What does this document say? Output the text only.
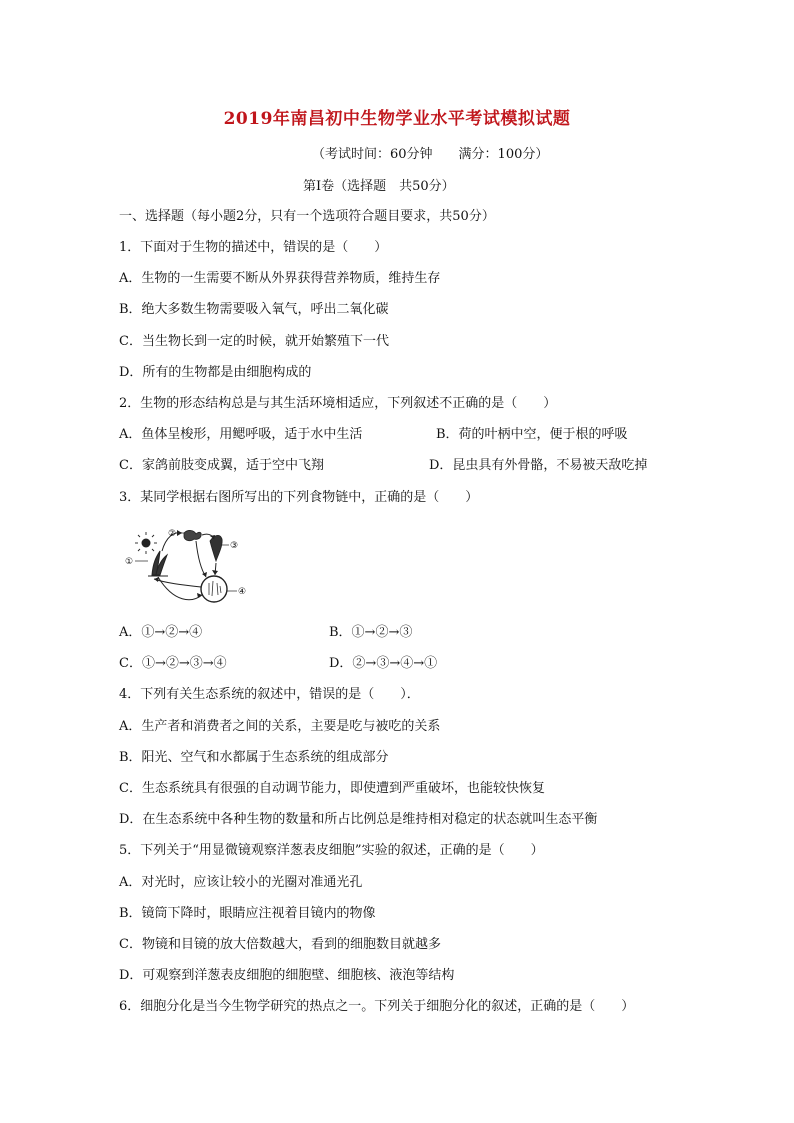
2019年南昌初中生物学业水平考试模拟试题
（考试时间：60分钟　　满分：100分）
第Ⅰ卷（选择题　共50分）
一、选择题（每小题2分，只有一个选项符合题目要求，共50分）
1．下面对于生物的描述中，错误的是（　　）
A．生物的一生需要不断从外界获得营养物质，维持生存
B．绝大多数生物需要吸入氧气，呼出二氧化碳
C．当生物长到一定的时候，就开始繁殖下一代
D．所有的生物都是由细胞构成的
2．生物的形态结构总是与其生活环境相适应，下列叙述不正确的是（　　）
A．鱼体呈梭形，用鳃呼吸，适于水中生活	B．荷的叶柄中空，便于根的呼吸
C．家鸽前肢变成翼，适于空中飞翔	D．昆虫具有外骨骼，不易被天敌吃掉
3．某同学根据右图所写出的下列食物链中，正确的是（　　）
①
②
③
④
A．①→②→④	B．①→②→③
C．①→②→③→④	D．②→③→④→①
4．下列有关生态系统的叙述中，错误的是（　　）．
A．生产者和消费者之间的关系，主要是吃与被吃的关系
B．阳光、空气和水都属于生态系统的组成部分
C．生态系统具有很强的自动调节能力，即使遭到严重破坏，也能较快恢复
D．在生态系统中各种生物的数量和所占比例总是维持相对稳定的状态就叫生态平衡
5．下列关于“用显微镜观察洋葱表皮细胞”实验的叙述，正确的是（　　）
A．对光时，应该让较小的光圈对准通光孔
B．镜筒下降时，眼睛应注视着目镜内的物像
C．物镜和目镜的放大倍数越大，看到的细胞数目就越多
D．可观察到洋葱表皮细胞的细胞壁、细胞核、液泡等结构
6．细胞分化是当今生物学研究的热点之一。下列关于细胞分化的叙述，正确的是（　　）
